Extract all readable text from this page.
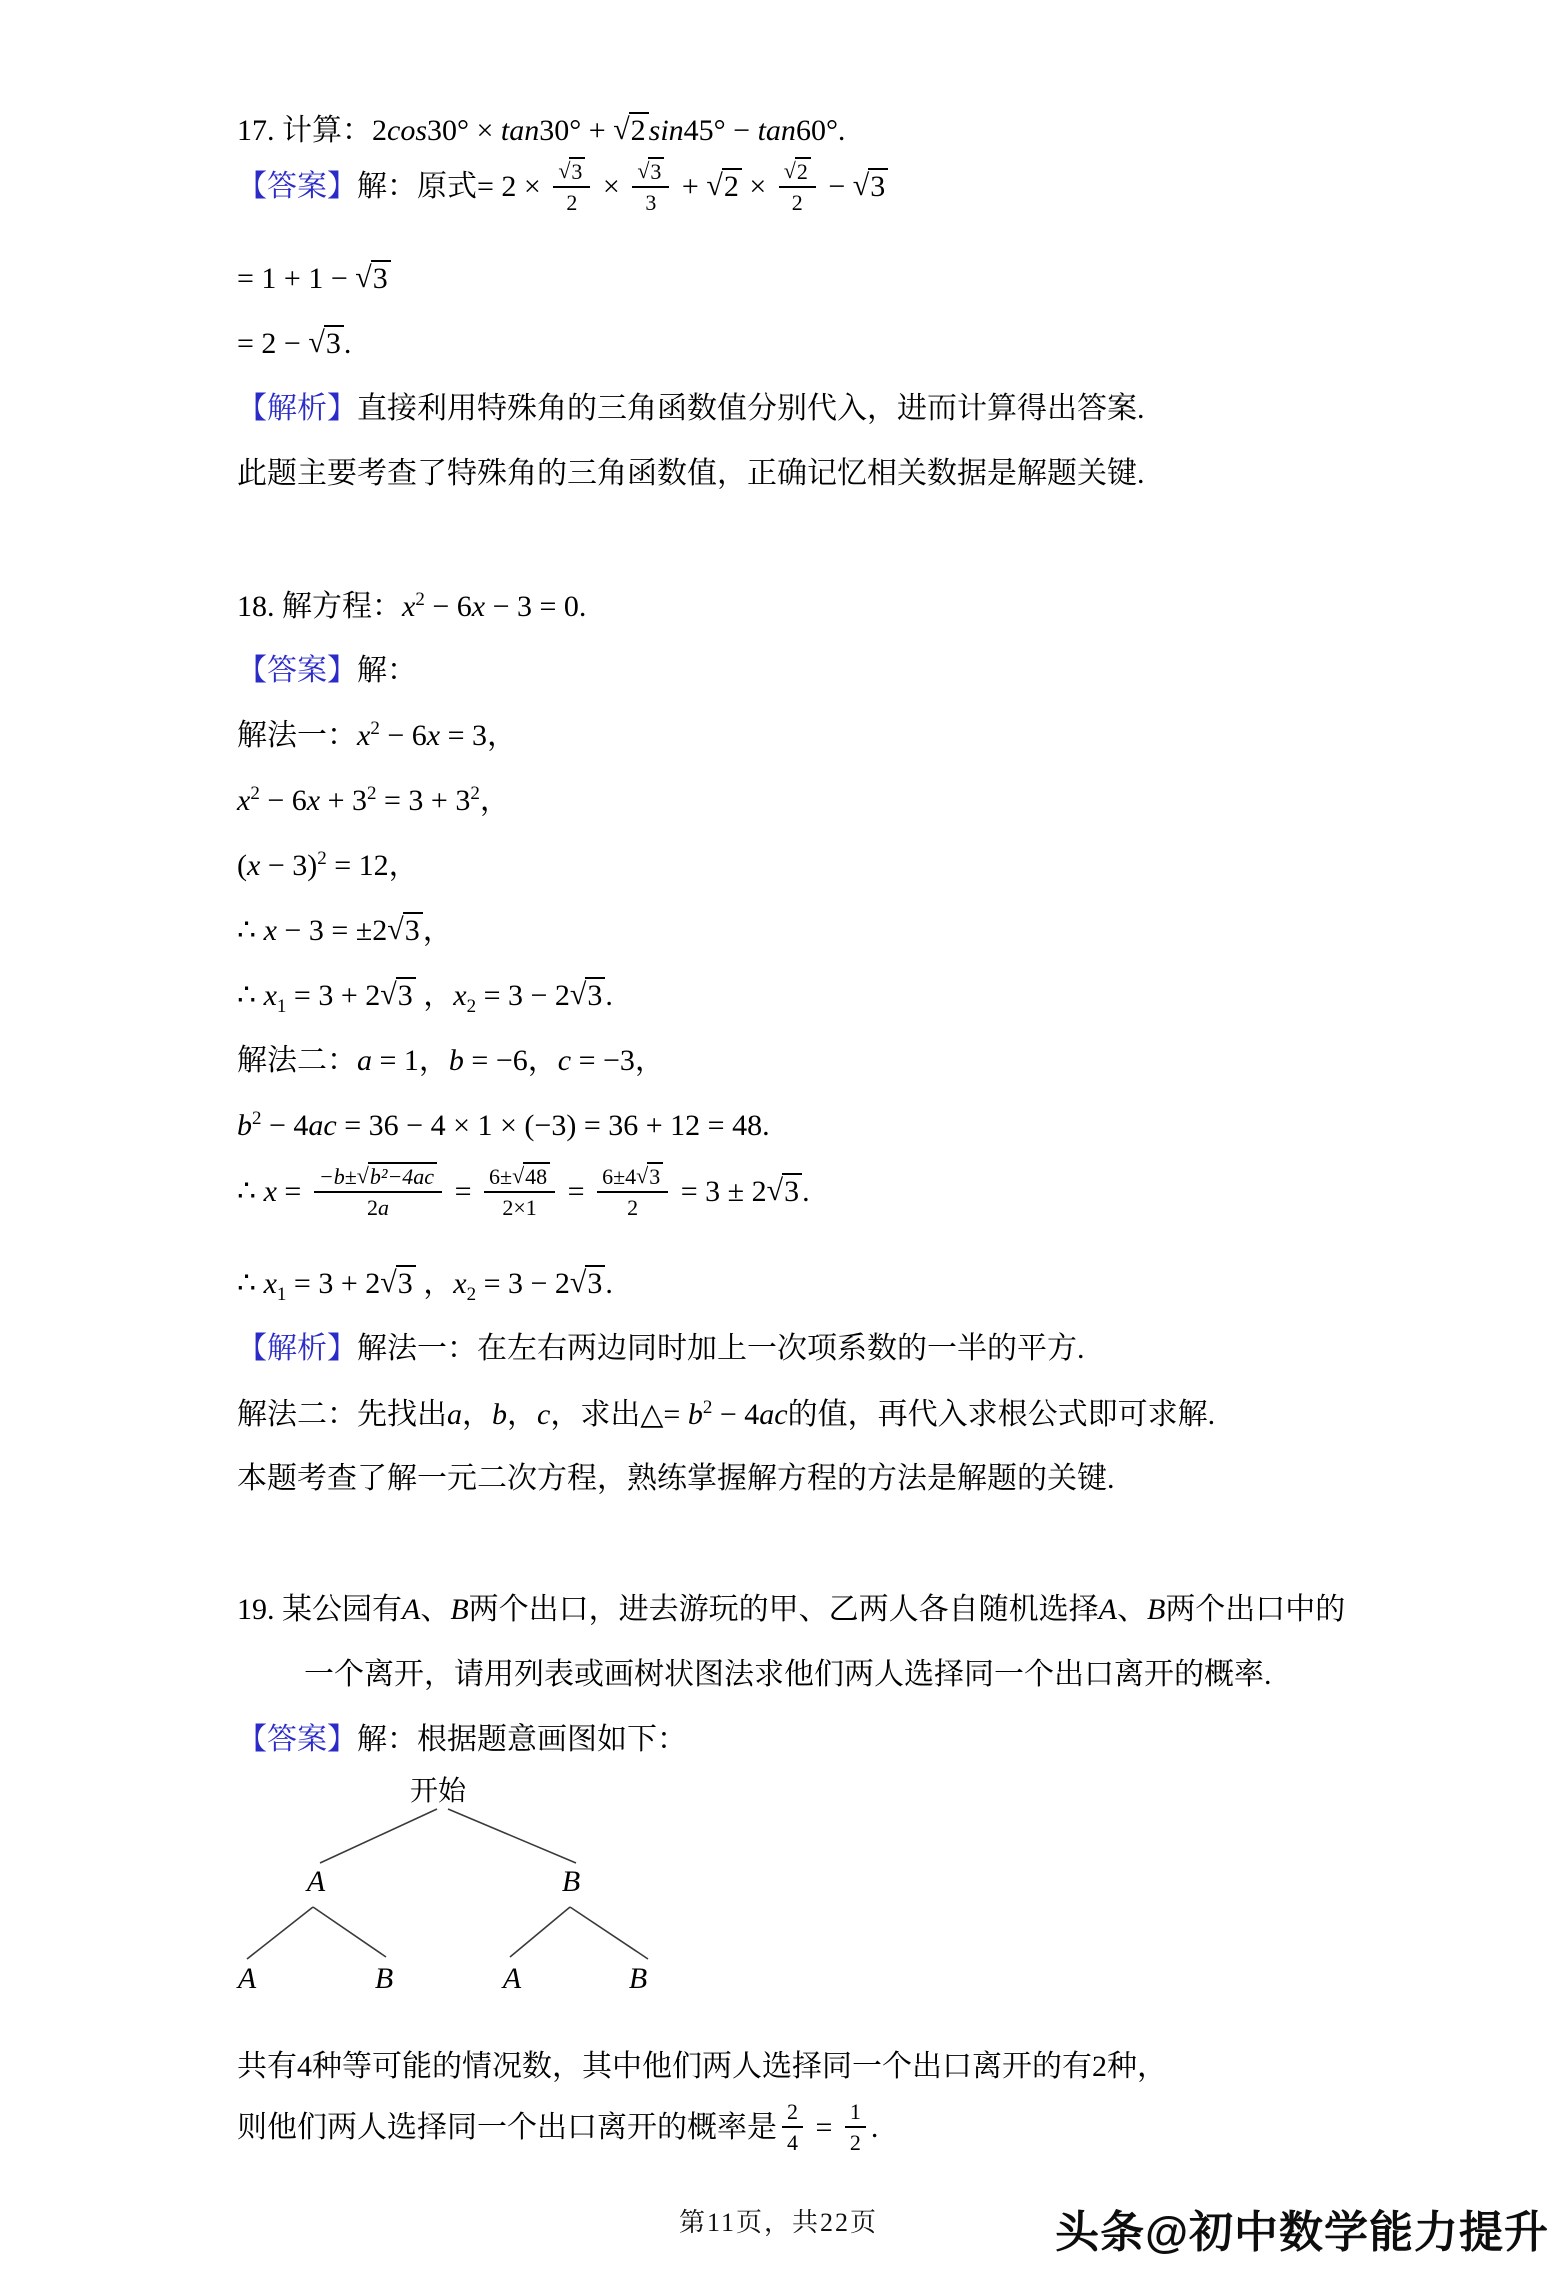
17. 计算：2cos30° × tan30° + √2 sin45° − tan60°.
【答案】解：原式= $2 \times \frac{√3}{2} \times \frac{√3}{3} + √2 \times \frac{√2}{2} - √3$
= 1 + 1 − √3
= 2 − √3 .
【解析】直接利用特殊角的三角函数值分别代入，进而计算得出答案.
此题主要考查了特殊角的三角函数值，正确记忆相关数据是解题关键.
18. 解方程：$x^2 - 6x - 3 = 0$.
【答案】解：
解法一：$x^2 - 6x = 3$，
$x^2 - 6x + 3^2 = 3 + 3^2$，
$(x - 3)^2 = 12$，
∴ x − 3 = ±2√3 ，
∴ $x_1 = 3 + 2√3$ ，$x_2 = 3 - 2√3$ .
解法二：a = 1，b = −6，c = −3，
$b^2 - 4ac = 36 - 4 \times 1 \times (-3) = 36 + 12 = 48$.
∴ $x = \frac{\text{−b±√b²−4ac}}{2a} = \frac{6\pm√48}{2\times 1} = \frac{6\pm 4√3}{2} = 3 \pm 2√3$ .
∴ $x_1 = 3 + 2√3$ ，$x_2 = 3 - 2√3$ .
【解析】解法一：在左右两边同时加上一次项系数的一半的平方.
解法二：先找出a，b，c，求出△= $b^2 - 4ac$的值，再代入求根公式即可求解.
本题考查了解一元二次方程，熟练掌握解方程的方法是解题的关键.
19. 某公园有A、B两个出口，进去游玩的甲、乙两人各自随机选择A、B两个出口中的
一个离开，请用列表或画树状图法求他们两人选择同一个出口离开的概率.
【答案】解：根据题意画图如下：
共有4种等可能的情况数，其中他们两人选择同一个出口离开的有2种，
则他们两人选择同一个出口离开的概率是 $\frac{2}{4} = \frac{1}{2}$ .
开始
A	B
A	B	A	B
第11页，共22页	头条@初中数学能力提升
